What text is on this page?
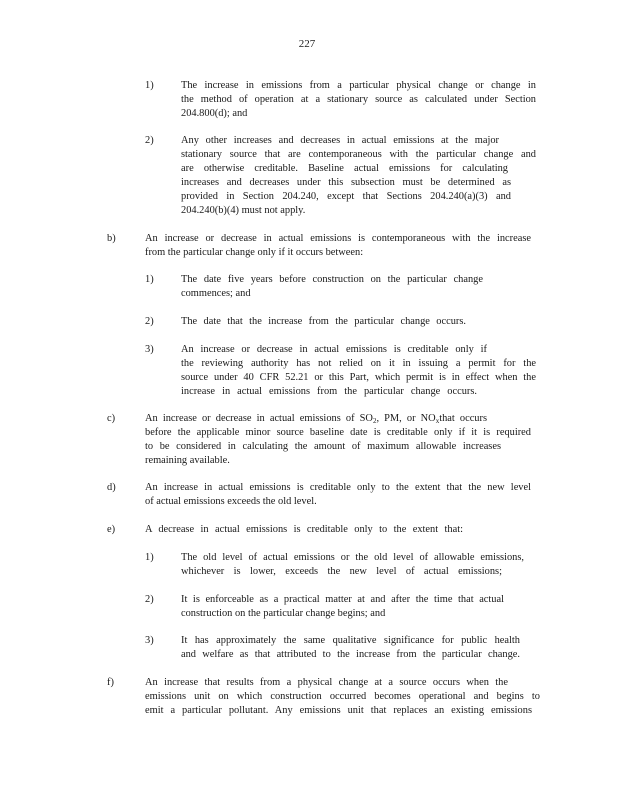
227
1)	The increase in emissions from a particular physical change or change in
the method of operation at a stationary source as calculated under Section
204.800(d); and
2)	Any other increases and decreases in actual emissions at the major
stationary source that are contemporaneous with the particular change and
are otherwise creditable. Baseline actual emissions for calculating
increases and decreases under this subsection must be determined as
provided in Section 204.240, except that Sections 204.240(a)(3) and
204.240(b)(4) must not apply.
b)	An increase or decrease in actual emissions is contemporaneous with the increase
from the particular change only if it occurs between:
1)	The date five years before construction on the particular change
commences; and
2)	The date that the increase from the particular change occurs.
3)	An increase or decrease in actual emissions is creditable only if
the reviewing authority has not relied on it in issuing a permit for the
source under 40 CFR 52.21 or this Part, which permit is in effect when the
increase in actual emissions from the particular change occurs.
c)	An increase or decrease in actual emissions of $SO_2$, PM, or $NO_xthat$ occurs
before the applicable minor source baseline date is creditable only if it is required
to be considered in calculating the amount of maximum allowable increases
remaining available.
d)	An increase in actual emissions is creditable only to the extent that the new level
of actual emissions exceeds the old level.
e)	A decrease in actual emissions is creditable only to the extent that:
1)	The old level of actual emissions or the old level of allowable emissions,
whichever is lower, exceeds the new level of actual emissions;
2)	It is enforceable as a practical matter at and after the time that actual
construction on the particular change begins; and
3)	It has approximately the same qualitative significance for public health
and welfare as that attributed to the increase from the particular change.
f)	An increase that results from a physical change at a source occurs when the
emissions unit on which construction occurred becomes operational and begins to
emit a particular pollutant. Any emissions unit that replaces an existing emissions
